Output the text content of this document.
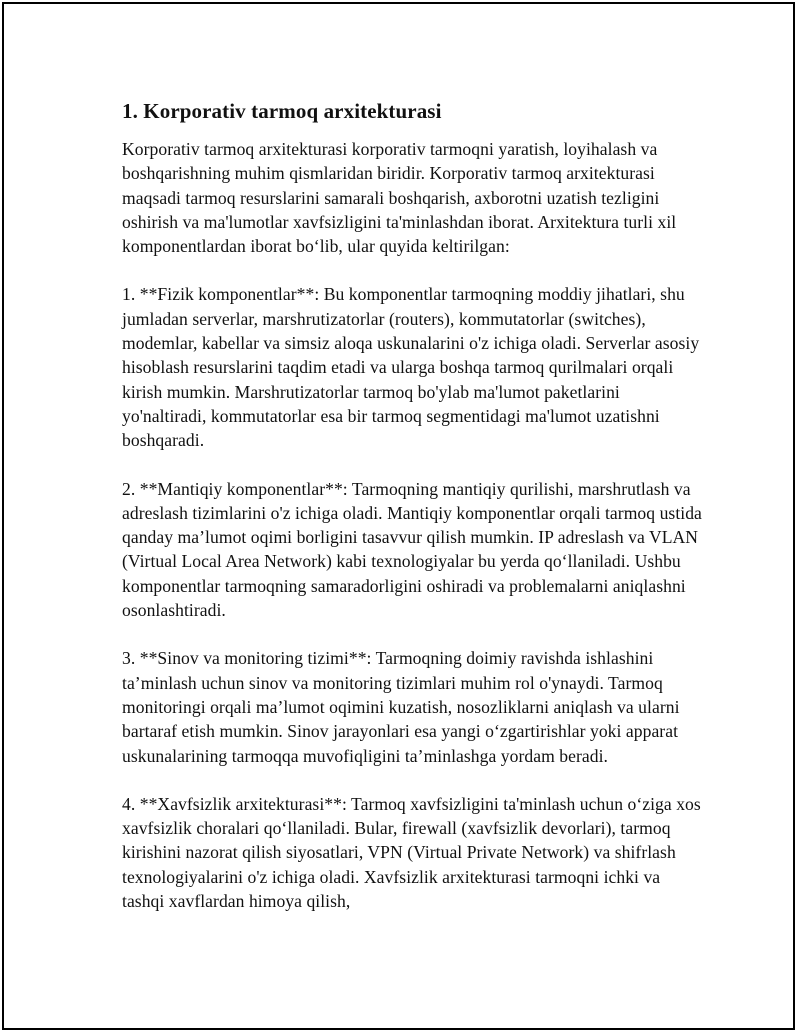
1. Korporativ tarmoq arxitekturasi

Korporativ tarmoq arxitekturasi korporativ tarmoqni yaratish, loyihalash va boshqarishning muhim qismlaridan biridir. Korporativ tarmoq arxitekturasi maqsadi tarmoq resurslarini samarali boshqarish, axborotni uzatish tezligini oshirish va ma'lumotlar xavfsizligini ta'minlashdan iborat. Arxitektura turli xil komponentlardan iborat bo‘lib, ular quyida keltirilgan:

1. **Fizik komponentlar**: Bu komponentlar tarmoqning moddiy jihatlari, shu jumladan serverlar, marshrutizatorlar (routers), kommutatorlar (switches), modemlar, kabellar va simsiz aloqa uskunalarini o'z ichiga oladi. Serverlar asosiy hisoblash resurslarini taqdim etadi va ularga boshqa tarmoq qurilmalari orqali kirish mumkin. Marshrutizatorlar tarmoq bo'ylab ma'lumot paketlarini yo'naltiradi, kommutatorlar esa bir tarmoq segmentidagi ma'lumot uzatishni boshqaradi.

2. **Mantiqiy komponentlar**: Tarmoqning mantiqiy qurilishi, marshrutlash va adreslash tizimlarini o'z ichiga oladi. Mantiqiy komponentlar orqali tarmoq ustida qanday ma’lumot oqimi borligini tasavvur qilish mumkin. IP adreslash va VLAN (Virtual Local Area Network) kabi texnologiyalar bu yerda qo‘llaniladi. Ushbu komponentlar tarmoqning samaradorligini oshiradi va problemalarni aniqlashni osonlashtiradi.

3. **Sinov va monitoring tizimi**: Tarmoqning doimiy ravishda ishlashini ta’minlash uchun sinov va monitoring tizimlari muhim rol o'ynaydi. Tarmoq monitoringi orqali ma’lumot oqimini kuzatish, nosozliklarni aniqlash va ularni bartaraf etish mumkin. Sinov jarayonlari esa yangi o‘zgartirishlar yoki apparat uskunalarining tarmoqqa muvofiqligini ta’minlashga yordam beradi.

4. **Xavfsizlik arxitekturasi**: Tarmoq xavfsizligini ta'minlash uchun o‘ziga xos xavfsizlik choralari qo‘llaniladi. Bular, firewall (xavfsizlik devorlari), tarmoq kirishini nazorat qilish siyosatlari, VPN (Virtual Private Network) va shifrlash texnologiyalarini o'z ichiga oladi. Xavfsizlik arxitekturasi tarmoqni ichki va tashqi xavflardan himoya qilish,
